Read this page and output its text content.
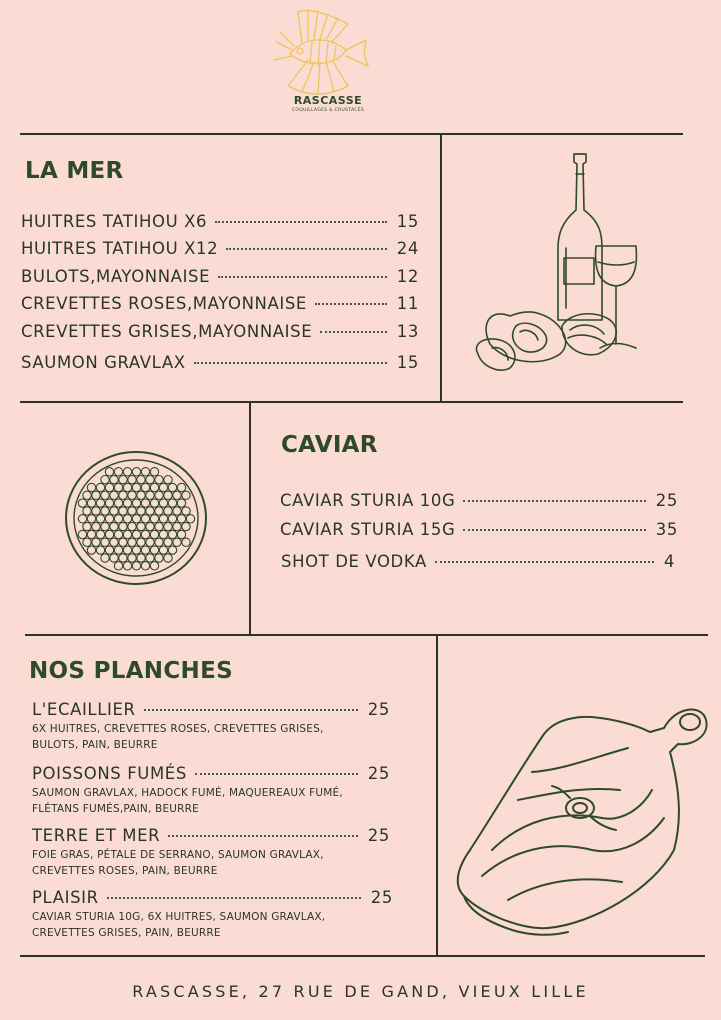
RASCASSE
COQUILLAGES & CRUSTACÉS
LA MER
HUITRES TATIHOU X6	15
HUITRES TATIHOU X12	24
BULOTS,MAYONNAISE	12
CREVETTES ROSES,MAYONNAISE	11
CREVETTES GRISES,MAYONNAISE	13
SAUMON GRAVLAX	15
CAVIAR
CAVIAR STURIA 10G	25
CAVIAR STURIA 15G	35
SHOT DE VODKA	4
NOS PLANCHES
L'ECAILLIER	25
6X HUITRES, CREVETTES ROSES, CREVETTES GRISES,
BULOTS, PAIN, BEURRE
POISSONS FUMÉS	25
SAUMON GRAVLAX, HADOCK FUMÉ, MAQUEREAUX FUMÉ,
FLÉTANS FUMÉS,PAIN, BEURRE
TERRE ET MER	25
FOIE GRAS, PÉTALE DE SERRANO, SAUMON GRAVLAX,
CREVETTES ROSES, PAIN, BEURRE
PLAISIR	25
CAVIAR STURIA 10G, 6X HUITRES, SAUMON GRAVLAX,
CREVETTES GRISES, PAIN, BEURRE
RASCASSE, 27 RUE DE GAND, VIEUX LILLE
